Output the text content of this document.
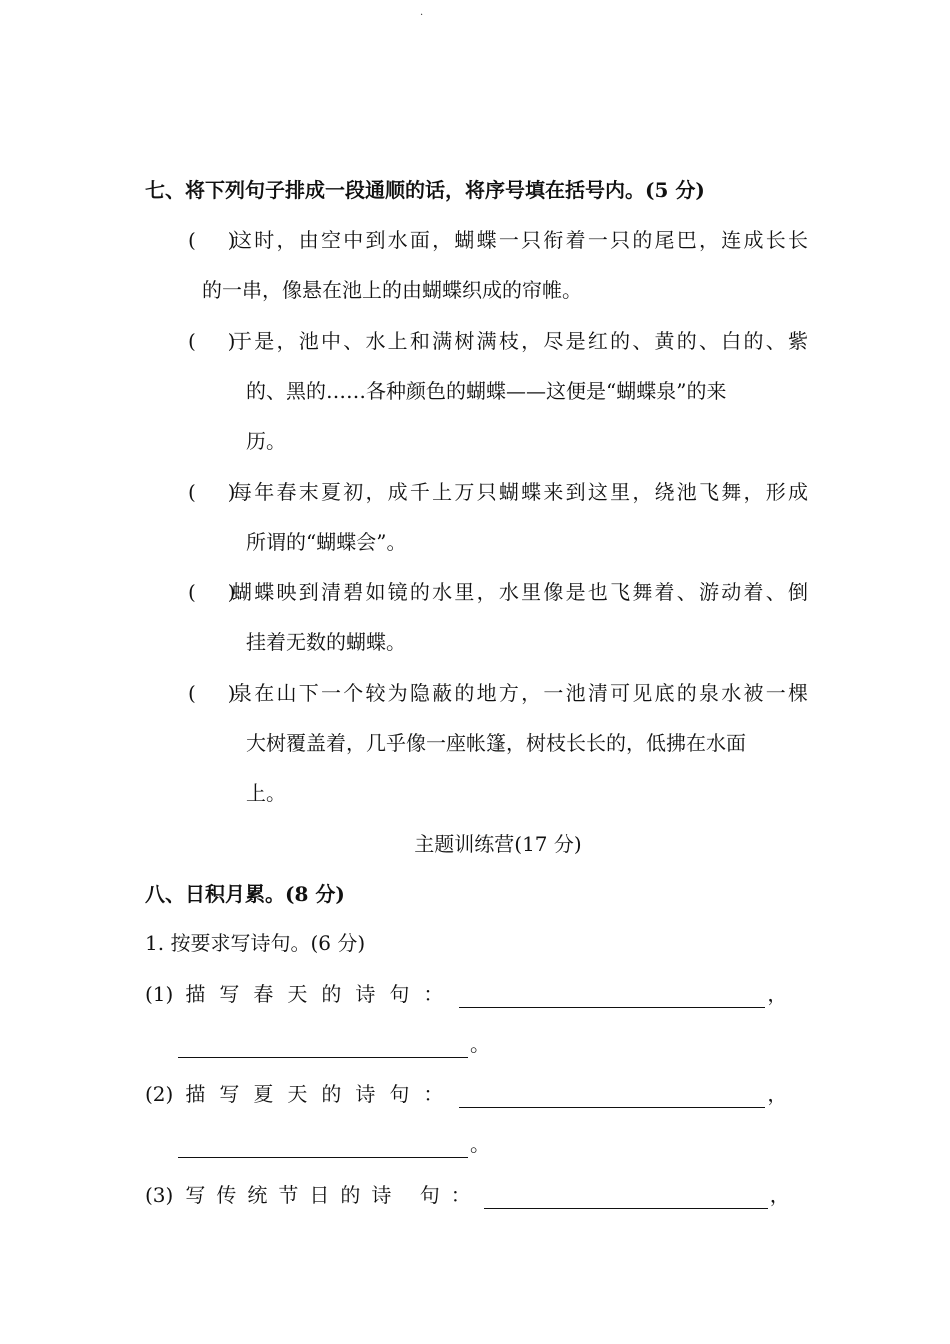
.
七、将下列句子排成一段通顺的话，将序号填在括号内。(5 分)
(     )
这时，由空中到水面，蝴蝶一只衔着一只的尾巴，连成长长
的一串，像悬在池上的由蝴蝶织成的帘帷。
(     )
于是，池中、水上和满树满枝，尽是红的、黄的、白的、紫
的、黑的……各种颜色的蝴蝶——这便是“蝴蝶泉”的来
历。
(     )
每年春末夏初，成千上万只蝴蝶来到这里，绕池飞舞，形成
所谓的“蝴蝶会”。
(     )
蝴蝶映到清碧如镜的水里，水里像是也飞舞着、游动着、倒
挂着无数的蝴蝶。
(     )
泉在山下一个较为隐蔽的地方，一池清可见底的泉水被一棵
大树覆盖着，几乎像一座帐篷，树枝长长的，低拂在水面
上。
主题训练营(17 分)
八、日积月累。(8 分)
1. 按要求写诗句。(6 分)
(1) 描写春天的诗句：	，
。
(2) 描写夏天的诗句：	，
。
(3) 写传统节日的诗 句：	，
